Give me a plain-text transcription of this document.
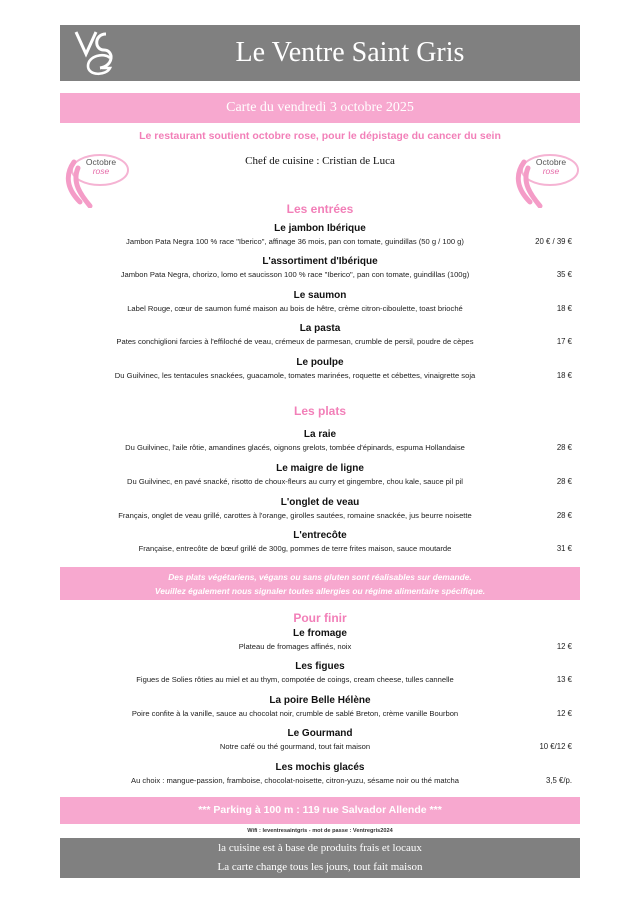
Le Ventre Saint Gris
Carte du vendredi 3 octobre 2025
Le restaurant soutient octobre rose, pour le dépistage du cancer du sein
Chef de cuisine : Cristian de Luca
Octobre
rose
Octobre
rose
Les entrées
Le jambon Ibérique
Jambon Pata Negra 100 % race "Iberico", affinage 36 mois, pan con tomate, guindillas (50 g / 100 g)	20 € / 39 €
L'assortiment d'Ibérique
Jambon Pata Negra, chorizo, lomo et saucisson 100 % race "Iberico", pan con tomate, guindillas (100g)	35 €
Le saumon
Label Rouge, cœur de saumon fumé maison au bois de hêtre, crème citron-ciboulette, toast brioché	18 €
La pasta
Pates conchiglioni farcies à l'effiloché de veau, crémeux de parmesan, crumble de persil, poudre de cèpes	17 €
Le poulpe
Du Guilvinec, les tentacules snackées, guacamole, tomates marinées, roquette et cébettes, vinaigrette soja	18 €
Les plats
La raie
Du Guilvinec, l'aile rôtie, amandines glacés, oignons grelots, tombée d'épinards, espuma Hollandaise	28 €
Le maigre de ligne
Du Guilvinec, en pavé snacké, risotto de choux-fleurs au curry et gingembre, chou kale, sauce pil pil	28 €
L'onglet de veau
Français, onglet de veau grillé, carottes à l'orange, girolles sautées, romaine snackée, jus beurre noisette	28 €
L'entrecôte
Française, entrecôte de bœuf grillé de 300g, pommes de terre frites maison, sauce moutarde	31 €
Des plats végétariens, végans ou sans gluten sont réalisables sur demande.
Veuillez également nous signaler toutes allergies ou régime alimentaire spécifique.
Pour finir
Le fromage
Plateau de fromages affinés, noix	12 €
Les figues
Figues de Solies rôties au miel et au thym, compotée de coings, cream cheese, tulles cannelle	13 €
La poire Belle Hélène
Poire confite à la vanille, sauce au chocolat noir, crumble de sablé Breton, crème vanille Bourbon	12 €
Le Gourmand
Notre café ou thé gourmand, tout fait maison	10 €/12 €
Les mochis glacés
Au choix : mangue-passion, framboise, chocolat-noisette, citron-yuzu, sésame noir ou thé matcha	3,5 €/p.
*** Parking à 100 m : 119 rue Salvador Allende ***
Wifi : leventresaintgris - mot de passe : Ventregris2024
la cuisine est à base de produits frais et locaux
La carte change tous les jours, tout fait maison
